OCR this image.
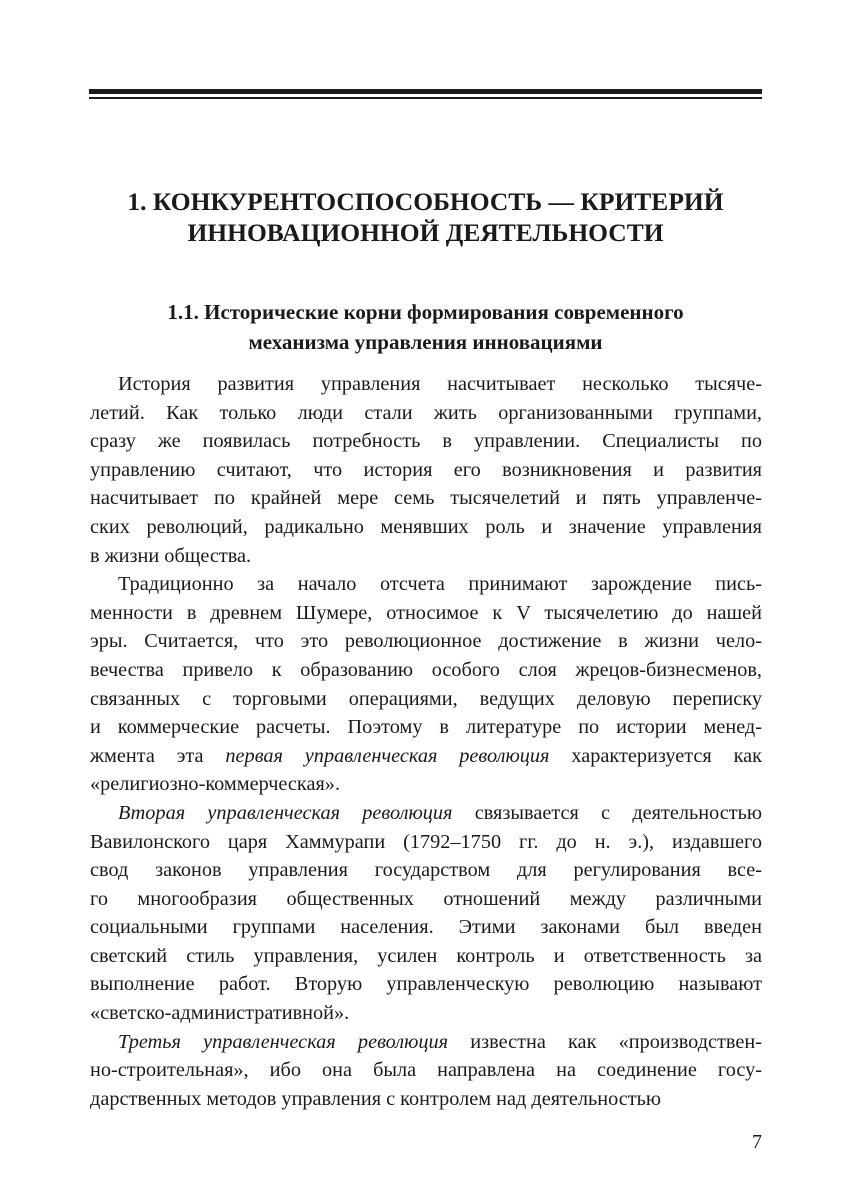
1. КОНКУРЕНТОСПОСОБНОСТЬ — КРИТЕРИЙ
ИННОВАЦИОННОЙ ДЕЯТЕЛЬНОСТИ
1.1. Исторические корни формирования современного
механизма управления инновациями
История развития управления насчитывает несколько тысяче-
летий. Как только люди стали жить организованными группами,
сразу же появилась потребность в управлении. Специалисты по
управлению считают, что история его возникновения и развития
насчитывает по крайней мере семь тысячелетий и пять управленче-
ских революций, радикально менявших роль и значение управления
в жизни общества.
Традиционно за начало отсчета принимают зарождение пись-
менности в древнем Шумере, относимое к V тысячелетию до нашей
эры. Считается, что это революционное достижение в жизни чело-
вечества привело к образованию особого слоя жрецов-бизнесменов,
связанных с торговыми операциями, ведущих деловую переписку
и коммерческие расчеты. Поэтому в литературе по истории менед-
жмента эта первая управленческая революция характеризуется как
«религиозно-коммерческая».
Вторая управленческая революция связывается с деятельностью
Вавилонского царя Хаммурапи (1792–1750 гг. до н. э.), издавшего
свод законов управления государством для регулирования все-
го многообразия общественных отношений между различными
социальными группами населения. Этими законами был введен
светский стиль управления, усилен контроль и ответственность за
выполнение работ. Вторую управленческую революцию называют
«светско-административной».
Третья управленческая революция известна как «производствен-
но-строительная», ибо она была направлена на соединение госу-
дарственных методов управления с контролем над деятельностью
7
